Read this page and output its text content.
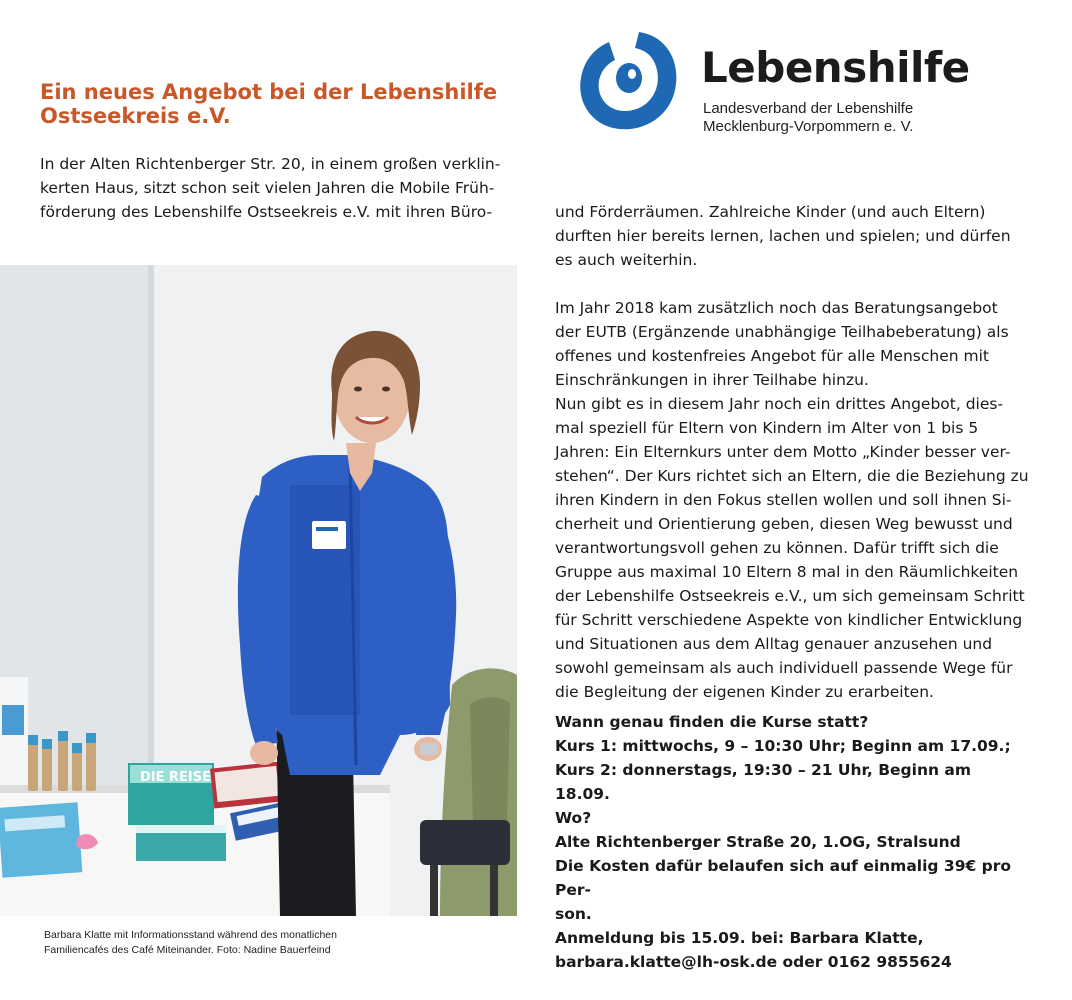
Ein neues Angebot bei der Lebenshilfe
Ostseekreis e.V.

In der Alten Richtenberger Str. 20, in einem großen verklin-

kerten Haus, sitzt schon seit vielen Jahren die Mobile Früh-

förderung des Lebenshilfe Ostseekreis e.V. mit ihren Büro-

Lebenshilfe
Landesverband der Lebenshilfe
Mecklenburg-Vorpommern e. V.
DIE REISE

Barbara Klatte mit Informationsstand während des monatlichen

Familiencafés des Café Miteinander. Foto: Nadine Bauerfeind

und Förderräumen. Zahlreiche Kinder (und auch Eltern)

durften hier bereits lernen, lachen und spielen; und dürfen

es auch weiterhin.

Im Jahr 2018 kam zusätzlich noch das Beratungsangebot

der EUTB (Ergänzende unabhängige Teilhabeberatung) als

offenes und kostenfreies Angebot für alle Menschen mit

Einschränkungen in ihrer Teilhabe hinzu.

Nun gibt es in diesem Jahr noch ein drittes Angebot, dies-

mal speziell für Eltern von Kindern im Alter von 1 bis 5

Jahren: Ein Elternkurs unter dem Motto „Kinder besser ver-

stehen“. Der Kurs richtet sich an Eltern, die die Beziehung zu

ihren Kindern in den Fokus stellen wollen und soll ihnen Si-

cherheit und Orientierung geben, diesen Weg bewusst und

verantwortungsvoll gehen zu können. Dafür trifft sich die

Gruppe aus maximal 10 Eltern 8 mal in den Räumlichkeiten

der Lebenshilfe Ostseekreis e.V., um sich gemeinsam Schritt

für Schritt verschiedene Aspekte von kindlicher Entwicklung

und Situationen aus dem Alltag genauer anzusehen und

sowohl gemeinsam als auch individuell passende Wege für

die Begleitung der eigenen Kinder zu erarbeiten.

Wann genau finden die Kurse statt?

Kurs 1: mittwochs, 9 – 10:30 Uhr; Beginn am 17.09.;

Kurs 2: donnerstags, 19:30 – 21 Uhr, Beginn am 18.09.

Wo?

Alte Richtenberger Straße 20, 1.OG, Stralsund

Die Kosten dafür belaufen sich auf einmalig 39€ pro Per-

son.

Anmeldung bis 15.09. bei: Barbara Klatte,

barbara.klatte@lh-osk.de oder 0162 9855624
